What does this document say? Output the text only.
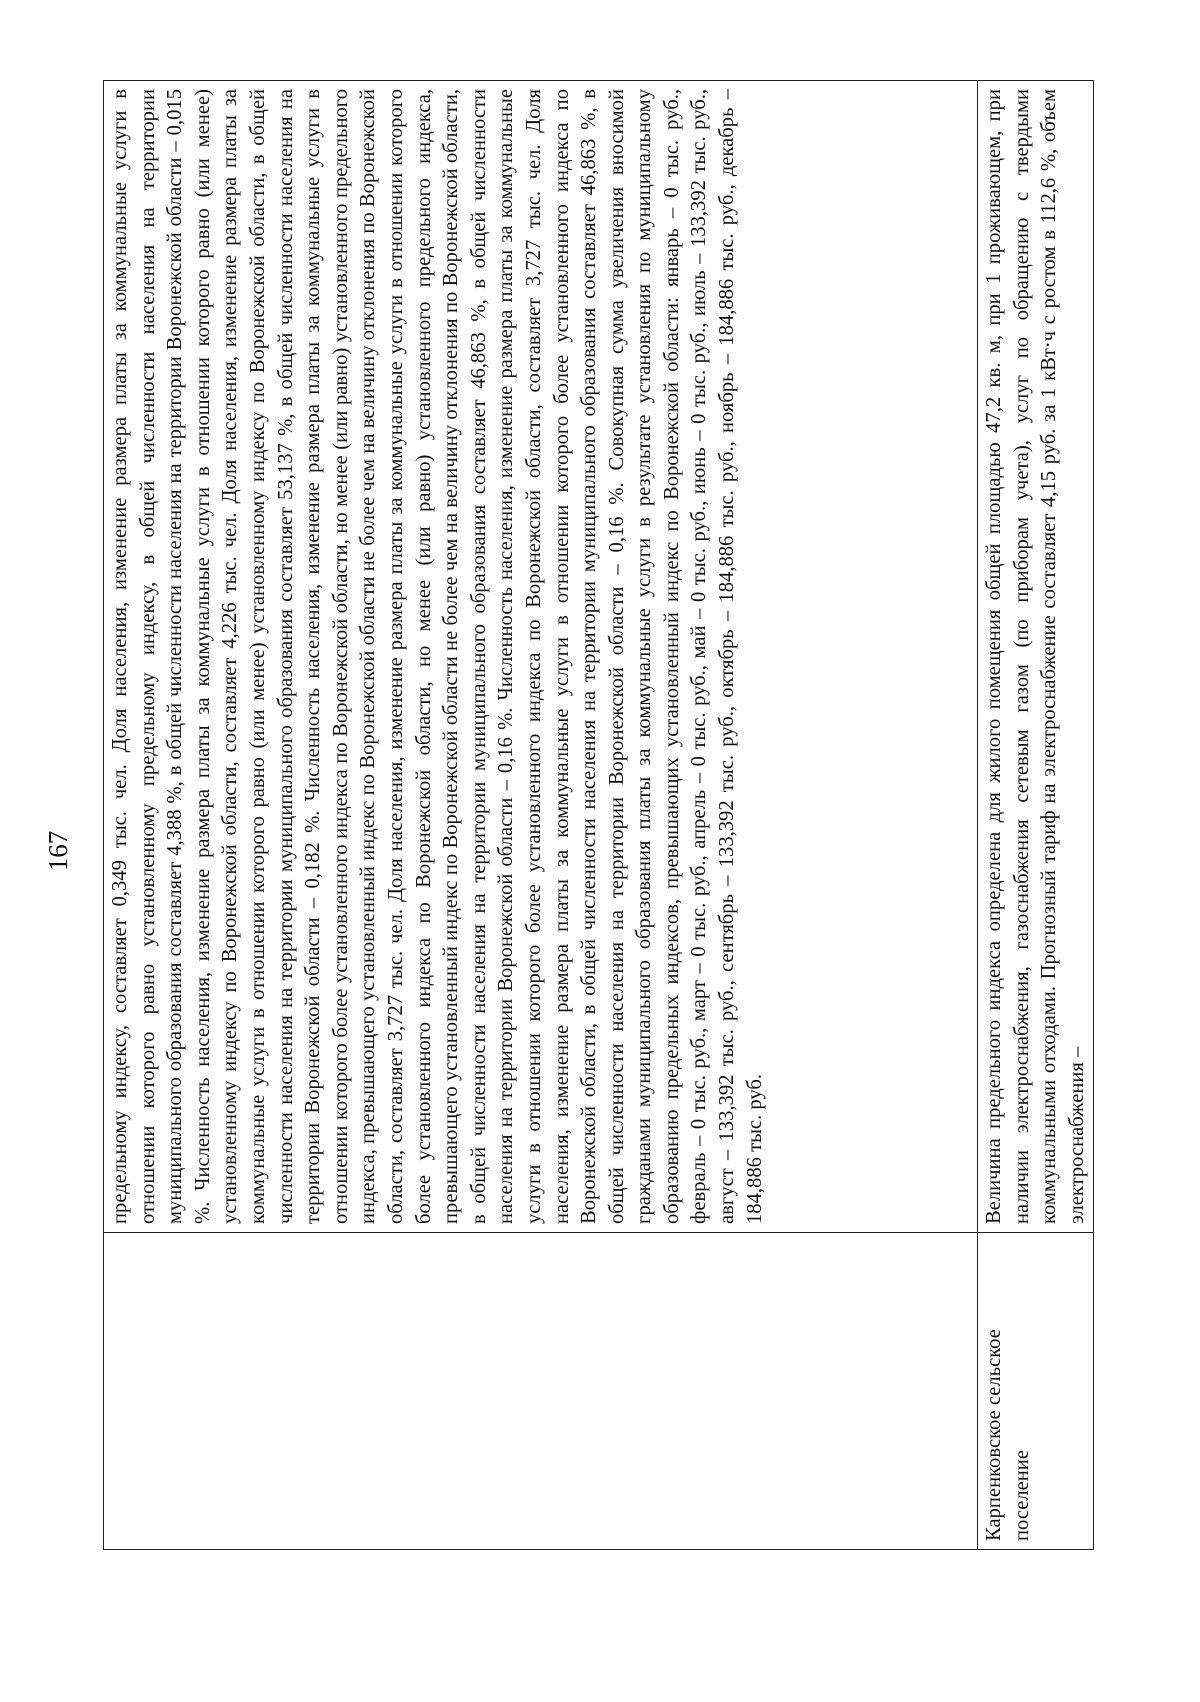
167
		предельному индексу, составляет 0,349 тыс. чел. Доля населения, изменение размера платы за коммунальные услуги в отношении которого равно установленному предельному индексу, в общей численности населения на территории муниципального образования составляет 4,388 %, в общей численности населения на территории Воронежской области – 0,015 %. Численность населения, изменение размера платы за коммунальные услуги в отношении которого равно (или менее) установленному индексу по Воронежской области, составляет 4,226 тыс. чел. Доля населения, изменение размера платы за коммунальные услуги в отношении которого равно (или менее) установленному индексу по Воронежской области, в общей численности населения на территории муниципального образования составляет 53,137 %, в общей численности населения на территории Воронежской области – 0,182 %. Численность населения, изменение размера платы за коммунальные услуги в отношении которого более установленного индекса по Воронежской области, но менее (или равно) установленного предельного индекса, превышающего установленный индекс по Воронежской области не более чем на величину отклонения по Воронежской области, составляет 3,727 тыс. чел. Доля населения, изменение размера платы за коммунальные услуги в отношении которого более установленного индекса по Воронежской области, но менее (или равно) установленного предельного индекса, превышающего установленный индекс по Воронежской области не более чем на величину отклонения по Воронежской области, в общей численности населения на территории муниципального образования составляет 46,863 %, в общей численности населения на территории Воронежской области – 0,16 %. Численность населения, изменение размера платы за коммунальные услуги в отношении которого более установленного индекса по Воронежской области, составляет 3,727 тыс. чел. Доля населения, изменение размера платы за коммунальные услуги в отношении которого более установленного индекса по Воронежской области, в общей численности населения на территории муниципального образования составляет 46,863 %, в общей численности населения на территории Воронежской области – 0,16 %. Совокупная сумма увеличения вносимой гражданами муниципального образования платы за коммунальные услуги в результате установления по муниципальному образованию предельных индексов, превышающих установленный индекс по Воронежской области: январь – 0 тыс. руб., февраль – 0 тыс. руб., март – 0 тыс. руб., апрель – 0 тыс. руб., май – 0 тыс. руб., июнь – 0 тыс. руб., июль – 133,392 тыс. руб., август – 133,392 тыс. руб., сентябрь – 133,392 тыс. руб., октябрь – 184,886 тыс. руб., ноябрь – 184,886 тыс. руб., декабрь – 184,886 тыс. руб.
Карпенковское сельское поселение	Величина предельного индекса определена для жилого помещения общей площадью 47,2 кв. м, при 1 проживающем, при наличии электроснабжения, газоснабжения сетевым газом (по приборам учета), услуг по обращению с твердыми коммунальными отходами. Прогнозный тариф на электроснабжение составляет 4,15 руб. за 1 кВт·ч с ростом в 112,6 %, объем электроснабжения –
